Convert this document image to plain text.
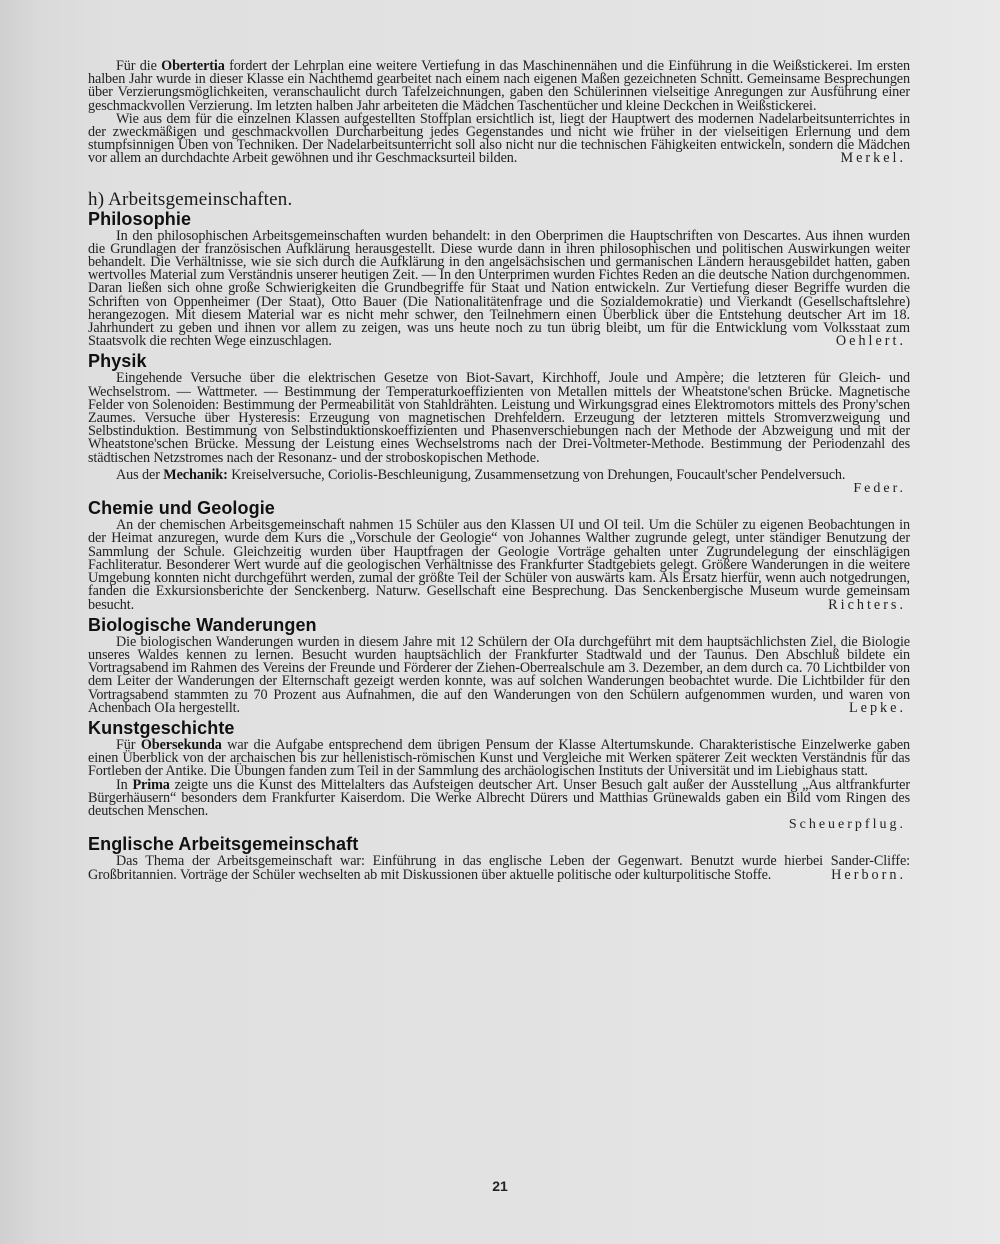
Für die Obertertia fordert der Lehrplan eine weitere Vertiefung in das Maschinennähen und die Einführung in die Weißstickerei. Im ersten halben Jahr wurde in dieser Klasse ein Nachthemd gearbeitet nach einem nach eigenen Maßen gezeichneten Schnitt. Gemeinsame Besprechungen über Verzierungsmöglichkeiten, veranschaulicht durch Tafelzeichnungen, gaben den Schülerinnen vielseitige Anregungen zur Ausführung einer geschmackvollen Verzierung. Im letzten halben Jahr arbeiteten die Mädchen Taschentücher und kleine Deckchen in Weißstickerei.

Wie aus dem für die einzelnen Klassen aufgestellten Stoffplan ersichtlich ist, liegt der Hauptwert des modernen Nadelarbeitsunterrichtes in der zweckmäßigen und geschmackvollen Durcharbeitung jedes Gegenstandes und nicht wie früher in der vielseitigen Erlernung und dem stumpfsinnigen Üben von Techniken. Der Nadelarbeitsunterricht soll also nicht nur die technischen Fähigkeiten entwickeln, sondern die Mädchen vor allem an durchdachte Arbeit gewöhnen und ihr Geschmacksurteil bilden.	Merkel.

h) Arbeitsgemeinschaften.
Philosophie

In den philosophischen Arbeitsgemeinschaften wurden behandelt: in den Oberprimen die Hauptschriften von Descartes. Aus ihnen wurden die Grundlagen der französischen Aufklärung herausgestellt. Diese wurde dann in ihren philosophischen und politischen Auswirkungen weiter behandelt. Die Verhältnisse, wie sie sich durch die Aufklärung in den angelsächsischen und germanischen Ländern herausgebildet hatten, gaben wertvolles Material zum Verständnis unserer heutigen Zeit. — In den Unterprimen wurden Fichtes Reden an die deutsche Nation durchgenommen. Daran ließen sich ohne große Schwierigkeiten die Grundbegriffe für Staat und Nation entwickeln. Zur Vertiefung dieser Begriffe wurden die Schriften von Oppenheimer (Der Staat), Otto Bauer (Die Nationalitätenfrage und die Sozialdemokratie) und Vierkandt (Gesellschaftslehre) herangezogen. Mit diesem Material war es nicht mehr schwer, den Teilnehmern einen Überblick über die Entstehung deutscher Art im 18. Jahrhundert zu geben und ihnen vor allem zu zeigen, was uns heute noch zu tun übrig bleibt, um für die Entwicklung vom Volksstaat zum Staatsvolk die rechten Wege einzuschlagen.	Oehlert.

Physik

Eingehende Versuche über die elektrischen Gesetze von Biot-Savart, Kirchhoff, Joule und Ampère; die letzteren für Gleich- und Wechselstrom. — Wattmeter. — Bestimmung der Temperaturkoeffizienten von Metallen mittels der Wheatstone'schen Brücke. Magnetische Felder von Solenoiden: Bestimmung der Permeabilität von Stahldrähten. Leistung und Wirkungsgrad eines Elektromotors mittels des Prony'schen Zaumes. Versuche über Hysteresis: Erzeugung von magnetischen Drehfeldern. Erzeugung der letzteren mittels Stromverzweigung und Selbstinduktion. Bestimmung von Selbstinduktionskoeffizienten und Phasenverschiebungen nach der Methode der Abzweigung und mit der Wheatstone'schen Brücke. Messung der Leistung eines Wechselstroms nach der Drei-Voltmeter-Methode. Bestimmung der Periodenzahl des städtischen Netzstromes nach der Resonanz- und der stroboskopischen Methode.

Aus der Mechanik: Kreiselversuche, Coriolis-Beschleunigung, Zusammensetzung von Drehungen, Foucault'scher Pendelversuch.

Feder.
Chemie und Geologie

An der chemischen Arbeitsgemeinschaft nahmen 15 Schüler aus den Klassen UI und OI teil. Um die Schüler zu eigenen Beobachtungen in der Heimat anzuregen, wurde dem Kurs die „Vorschule der Geologie“ von Johannes Walther zugrunde gelegt, unter ständiger Benutzung der Sammlung der Schule. Gleichzeitig wurden über Hauptfragen der Geologie Vorträge gehalten unter Zugrundelegung der einschlägigen Fachliteratur. Besonderer Wert wurde auf die geologischen Verhältnisse des Frankfurter Stadtgebiets gelegt. Größere Wanderungen in die weitere Umgebung konnten nicht durchgeführt werden, zumal der größte Teil der Schüler von auswärts kam. Als Ersatz hierfür, wenn auch notgedrungen, fanden die Exkursionsberichte der Senckenberg. Naturw. Gesellschaft eine Besprechung. Das Senckenbergische Museum wurde gemeinsam besucht.	Richters.

Biologische Wanderungen

Die biologischen Wanderungen wurden in diesem Jahre mit 12 Schülern der OIa durchgeführt mit dem hauptsächlichsten Ziel, die Biologie unseres Waldes kennen zu lernen. Besucht wurden hauptsächlich der Frankfurter Stadtwald und der Taunus. Den Abschluß bildete ein Vortragsabend im Rahmen des Vereins der Freunde und Förderer der Ziehen-Oberrealschule am 3. Dezember, an dem durch ca. 70 Lichtbilder von dem Leiter der Wanderungen der Elternschaft gezeigt werden konnte, was auf solchen Wanderungen beobachtet wurde. Die Lichtbilder für den Vortragsabend stammten zu 70 Prozent aus Aufnahmen, die auf den Wanderungen von den Schülern aufgenommen wurden, und waren von Achenbach OIa hergestellt.	Lepke.

Kunstgeschichte

Für Obersekunda war die Aufgabe entsprechend dem übrigen Pensum der Klasse Altertumskunde. Charakteristische Einzelwerke gaben einen Überblick von der archaischen bis zur hellenistisch-römischen Kunst und Vergleiche mit Werken späterer Zeit weckten Verständnis für das Fortleben der Antike. Die Übungen fanden zum Teil in der Sammlung des archäologischen Instituts der Universität und im Liebighaus statt.

In Prima zeigte uns die Kunst des Mittelalters das Aufsteigen deutscher Art. Unser Besuch galt außer der Ausstellung „Aus altfrankfurter Bürgerhäusern“ besonders dem Frankfurter Kaiserdom. Die Werke Albrecht Dürers und Matthias Grünewalds gaben ein Bild vom Ringen des deutschen Menschen.

Scheuerpflug.
Englische Arbeitsgemeinschaft

Das Thema der Arbeitsgemeinschaft war: Einführung in das englische Leben der Gegenwart. Benutzt wurde hierbei Sander-Cliffe: Großbritannien. Vorträge der Schüler wechselten ab mit Diskussionen über aktuelle politische oder kulturpolitische Stoffe.	Herborn.

21
